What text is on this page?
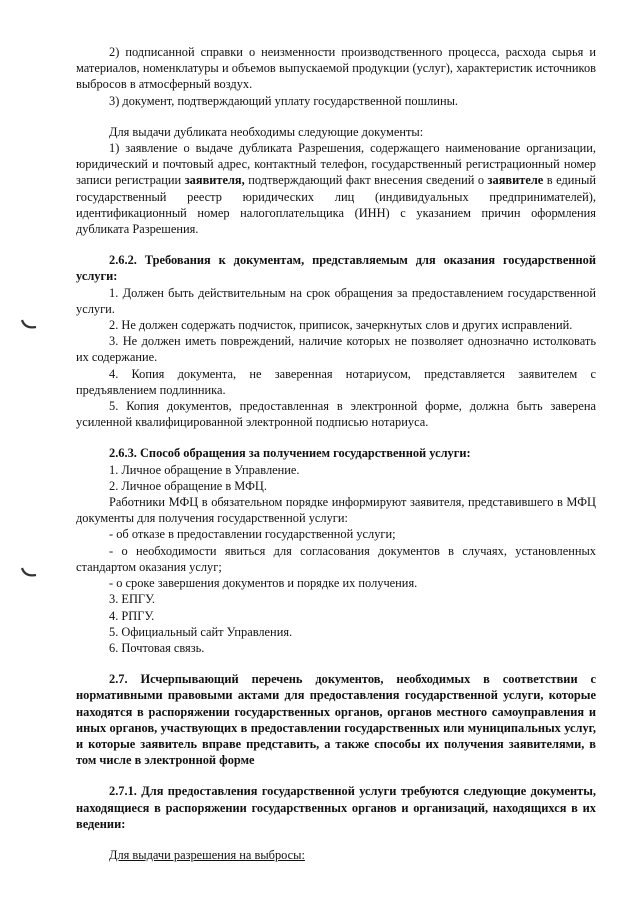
2) подписанной справки о неизменности производственного процесса, расхода сырья и материалов, номенклатуры и объемов выпускаемой продукции (услуг), характеристик источников выбросов в атмосферный воздух.

3) документ, подтверждающий уплату государственной пошлины.

Для выдачи дубликата необходимы следующие документы:

1) заявление о выдаче дубликата Разрешения, содержащего наименование организации, юридический и почтовый адрес, контактный телефон, государственный регистрационный номер записи регистрации заявителя, подтверждающий факт внесения сведений о заявителе в единый государственный реестр юридических лиц (индивидуальных предпринимателей), идентификационный номер налогоплательщика (ИНН) с указанием причин оформления дубликата Разрешения.

2.6.2. Требования к документам, представляемым для оказания государственной услуги:

1. Должен быть действительным на срок обращения за предоставлением государственной услуги.

2. Не должен содержать подчисток, приписок, зачеркнутых слов и других исправлений.

3. Не должен иметь повреждений, наличие которых не позволяет однозначно истолковать их содержание.

4. Копия документа, не заверенная нотариусом, представляется заявителем с предъявлением подлинника.

5. Копия документов, предоставленная в электронной форме, должна быть заверена усиленной квалифицированной электронной подписью нотариуса.

2.6.3. Способ обращения за получением государственной услуги:

1. Личное обращение в Управление.

2. Личное обращение в МФЦ.

Работники МФЦ в обязательном порядке информируют заявителя, представившего в МФЦ документы для получения государственной услуги:

- об отказе в предоставлении государственной услуги;

- о необходимости явиться для согласования документов в случаях, установленных стандартом оказания услуг;

- о сроке завершения документов и порядке их получения.

3. ЕПГУ.

4. РПГУ.

5. Официальный сайт Управления.

6. Почтовая связь.

2.7. Исчерпывающий перечень документов, необходимых в соответствии с нормативными правовыми актами для предоставления государственной услуги, которые находятся в распоряжении государственных органов, органов местного самоуправления и иных органов, участвующих в предоставлении государственных или муниципальных услуг, и которые заявитель вправе представить, а также способы их получения заявителями, в том числе в электронной форме

2.7.1. Для предоставления государственной услуги требуются следующие документы, находящиеся в распоряжении государственных органов и организаций, находящихся в их ведении:

Для выдачи разрешения на выбросы:
